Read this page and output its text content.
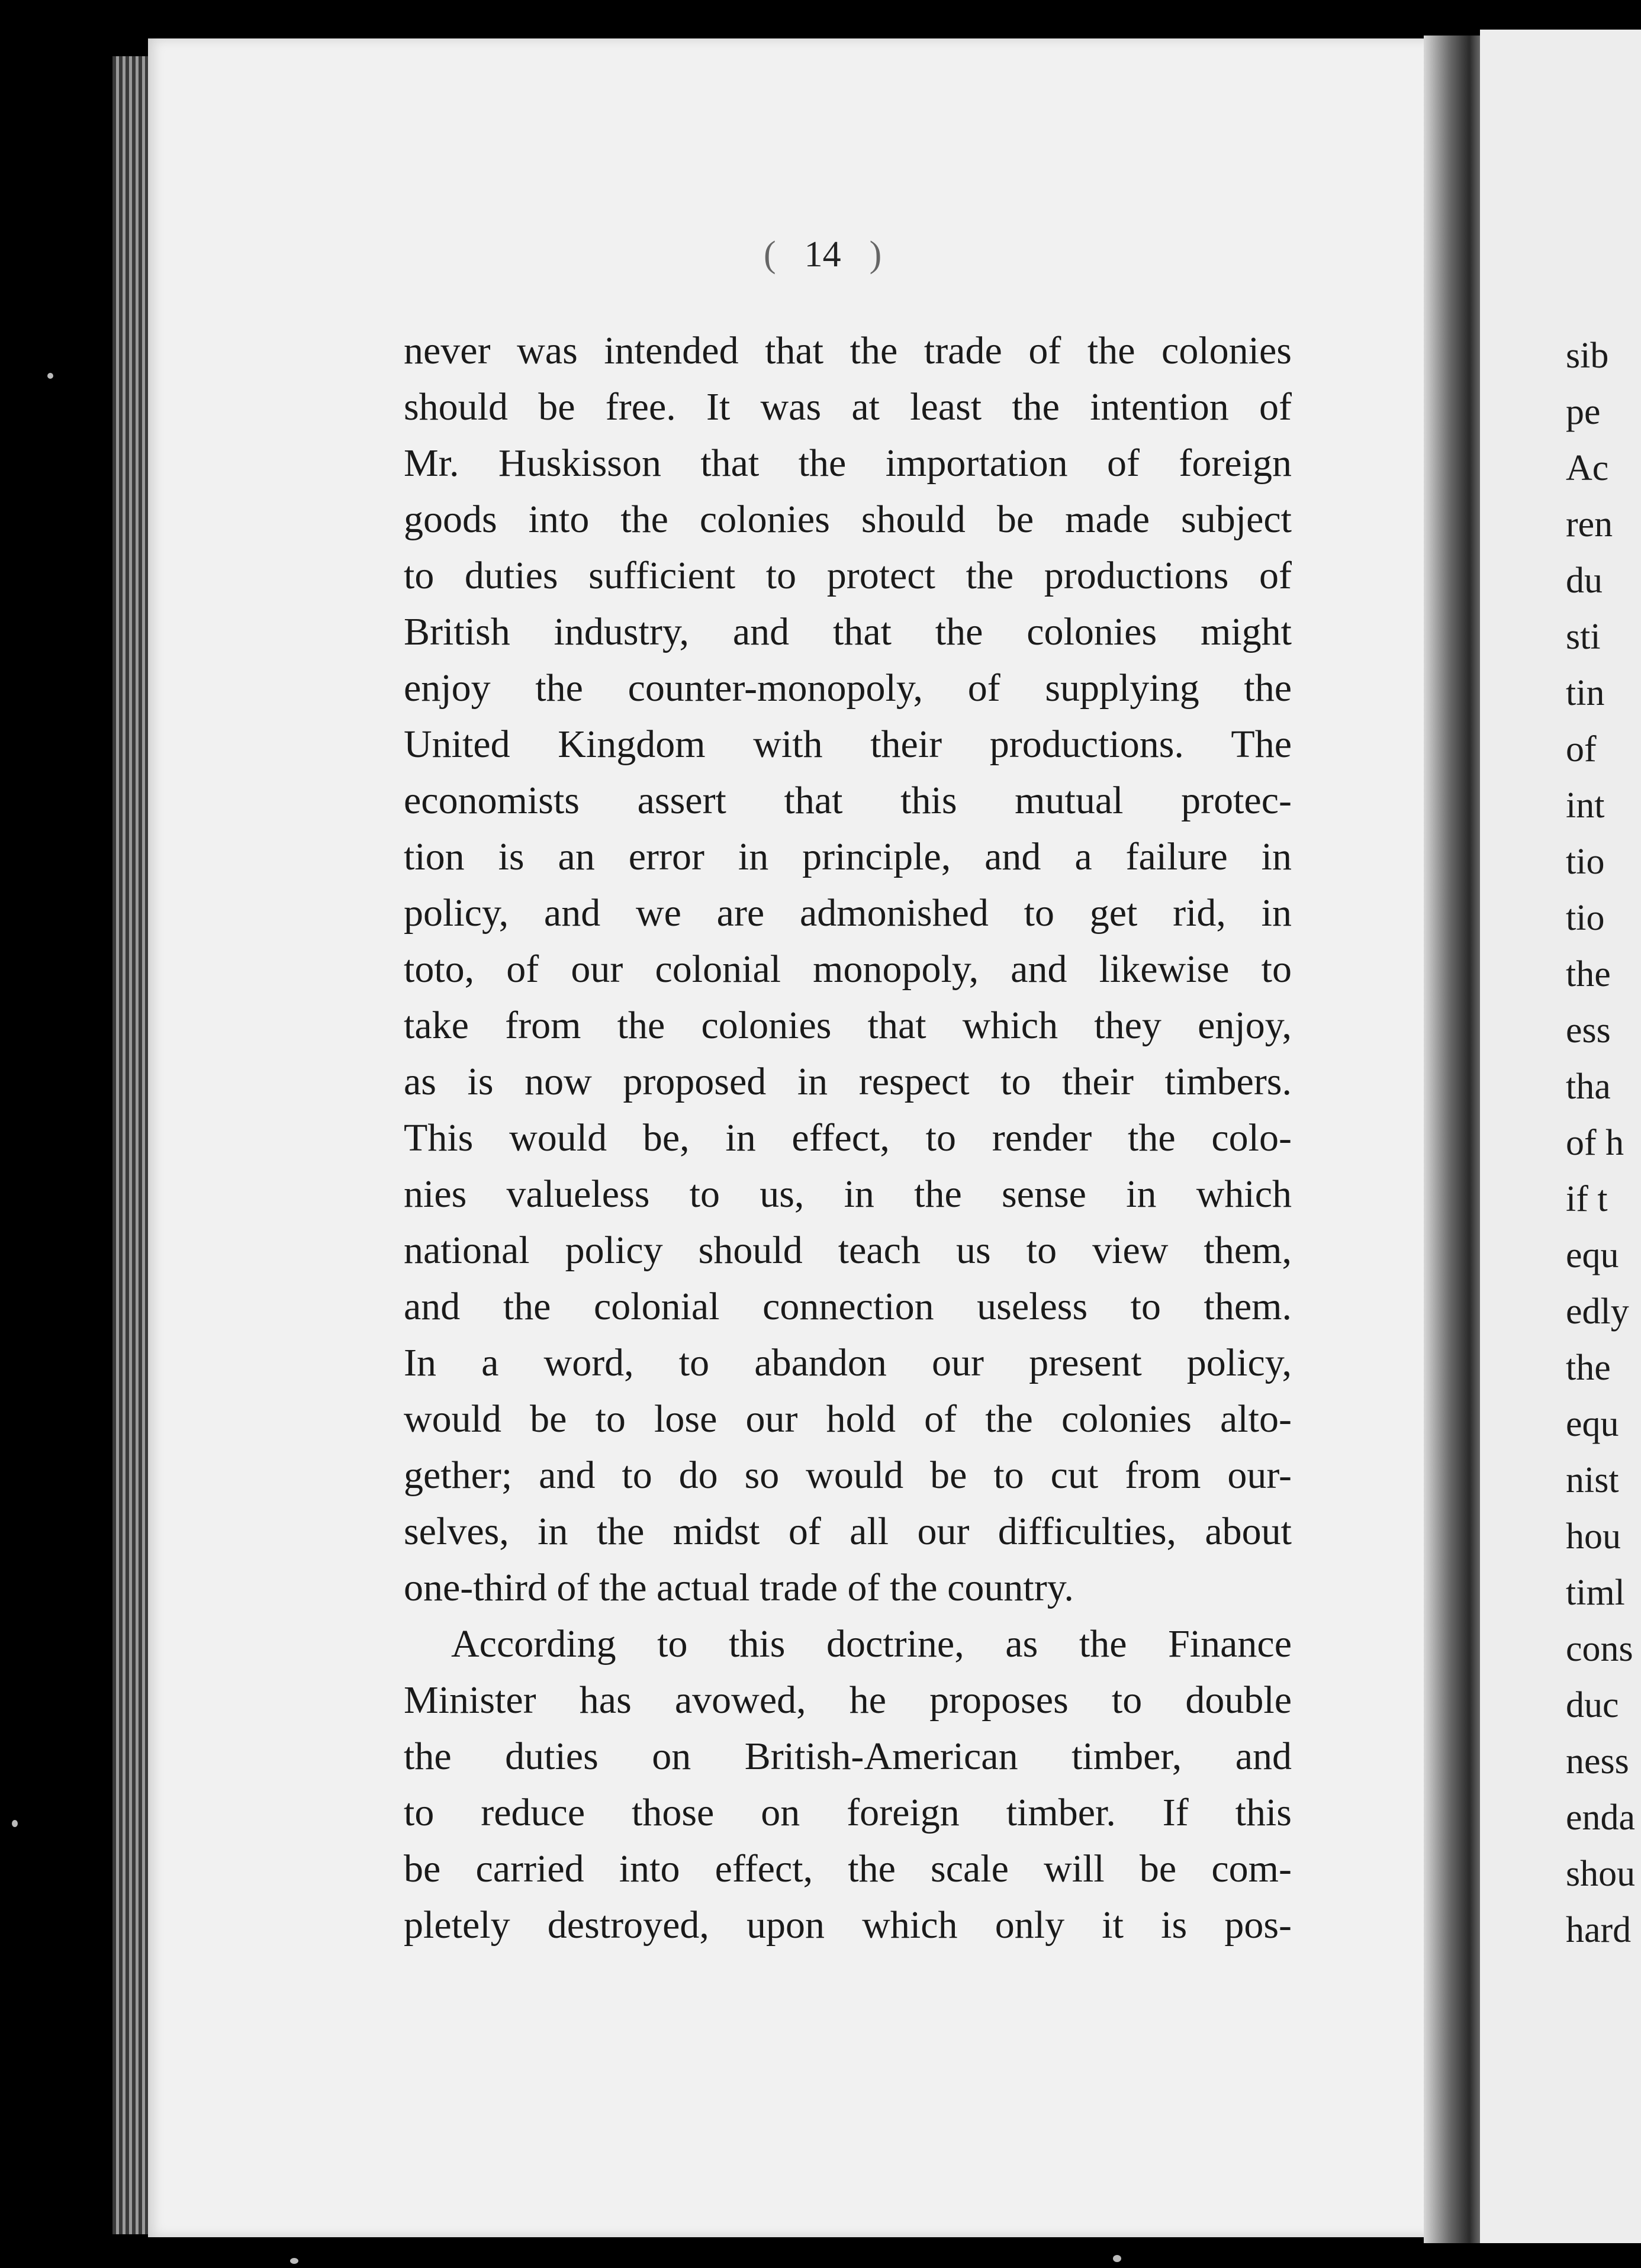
sib
pe
Ac
ren
du
sti
tin
of
int
tio
tio
the
ess
tha
of h
if t
equ
edly
the
equ
nist
hou
timl
cons
duc
ness
enda
shou
hard
( 14 )
never was intended that the trade of the colonies
should be free. It was at least the intention of
Mr. Huskisson that the importation of foreign
goods into the colonies should be made subject
to duties sufficient to protect the productions of
British industry, and that the colonies might
enjoy the counter-monopoly, of supplying the
United Kingdom with their productions. The
economists assert that this mutual protec-
tion is an error in principle, and a failure in
policy, and we are admonished to get rid, in
toto, of our colonial monopoly, and likewise to
take from the colonies that which they enjoy,
as is now proposed in respect to their timbers.
This would be, in effect, to render the colo-
nies valueless to us, in the sense in which
national policy should teach us to view them,
and the colonial connection useless to them.
In a word, to abandon our present policy,
would be to lose our hold of the colonies alto-
gether; and to do so would be to cut from our-
selves, in the midst of all our difficulties, about
one-third of the actual trade of the country.
According to this doctrine, as the Finance
Minister has avowed, he proposes to double
the duties on British-American timber, and
to reduce those on foreign timber. If this
be carried into effect, the scale will be com-
pletely destroyed, upon which only it is pos-
